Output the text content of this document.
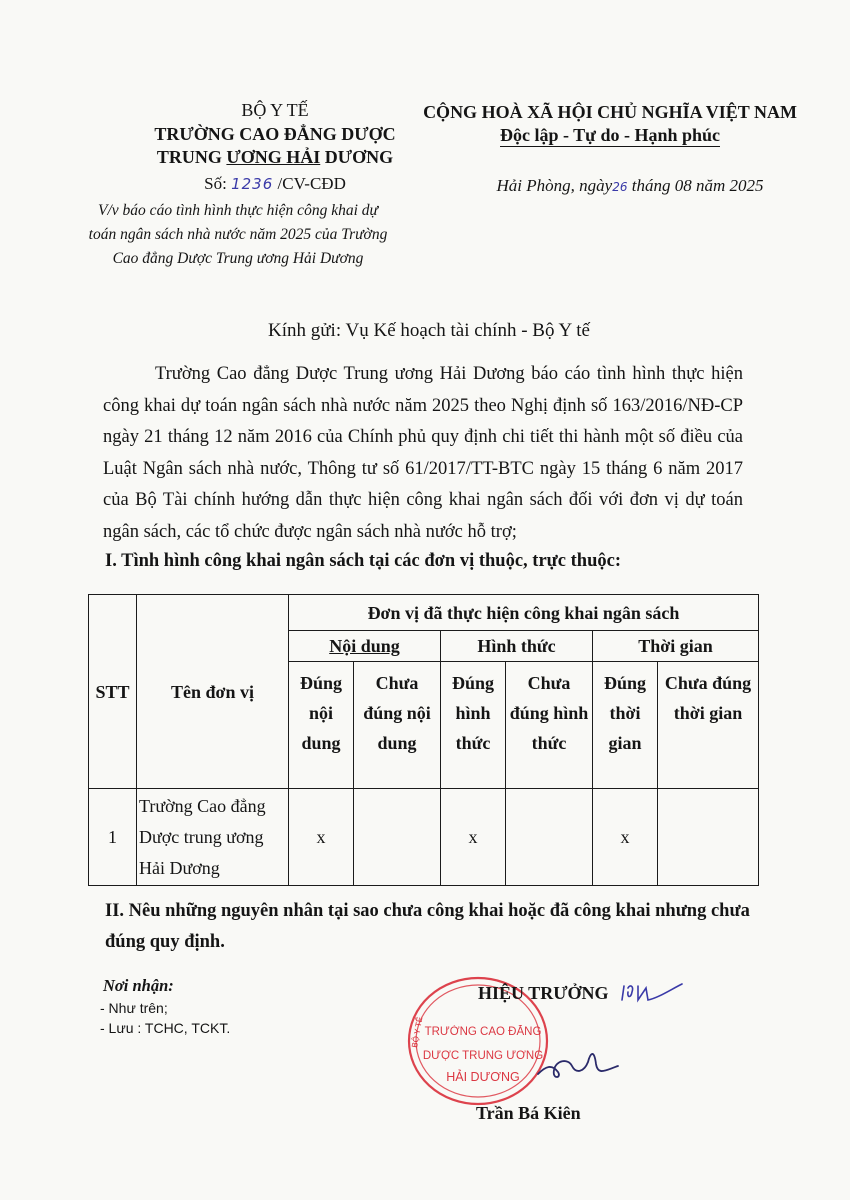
BỘ Y TẾ
TRƯỜNG CAO ĐẲNG DƯỢC
TRUNG ƯƠNG HẢI DƯƠNG
Số: 1236 /CV-CĐD
V/v báo cáo tình hình thực hiện công khai dự toán ngân sách nhà nước năm 2025 của Trường Cao đẳng Dược Trung ương Hải Dương
CỘNG HOÀ XÃ HỘI CHỦ NGHĨA VIỆT NAM
Độc lập - Tự do - Hạnh phúc
Hải Phòng, ngày26 tháng 08 năm 2025
Kính gửi: Vụ Kế hoạch tài chính - Bộ Y tế
Trường Cao đẳng Dược Trung ương Hải Dương báo cáo tình hình thực hiện công khai dự toán ngân sách nhà nước năm 2025 theo Nghị định số 163/2016/NĐ-CP ngày 21 tháng 12 năm 2016 của Chính phủ quy định chi tiết thi hành một số điều của Luật Ngân sách nhà nước, Thông tư số 61/2017/TT-BTC ngày 15 tháng 6 năm 2017 của Bộ Tài chính hướng dẫn thực hiện công khai ngân sách đối với đơn vị dự toán ngân sách, các tổ chức được ngân sách nhà nước hỗ trợ;
I. Tình hình công khai ngân sách tại các đơn vị thuộc, trực thuộc:
STT	Tên đơn vị	Đơn vị đã thực hiện công khai ngân sách					
		Nội dung		Hình thức		Thời gian	
		Đúng nội dung	Chưa đúng nội dung	Đúng hình thức	Chưa đúng hình thức	Đúng thời gian	Chưa đúng thời gian
1	Trường Cao đẳng Dược trung ương Hải Dương	x		x		x	
II. Nêu những nguyên nhân tại sao chưa công khai hoặc đã công khai nhưng chưa đúng quy định.
Nơi nhận:
- Như trên;
- Lưu : TCHC, TCKT.	BỘ Y TẾ TRƯỜNG CAO ĐẲNG
DƯỢC TRUNG ƯƠNG
HẢI DƯƠNG
HIỆU TRƯỞNG
Trần Bá Kiên
